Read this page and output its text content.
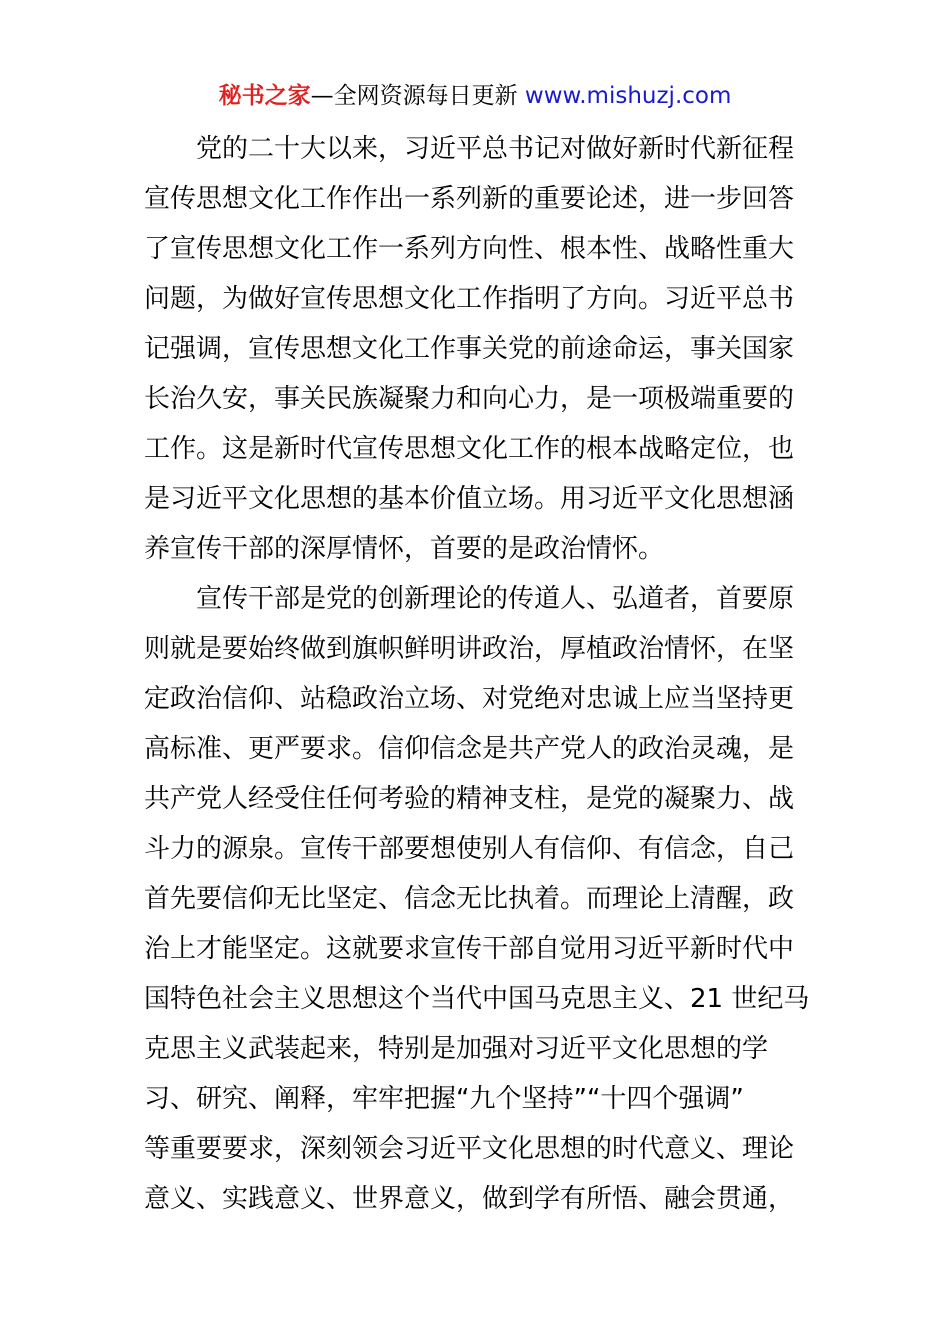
秘书之家—全网资源每日更新 www.mishuzj.com
党的二十大以来，习近平总书记对做好新时代新征程
宣传思想文化工作作出一系列新的重要论述，进一步回答
了宣传思想文化工作一系列方向性、根本性、战略性重大
问题，为做好宣传思想文化工作指明了方向。习近平总书
记强调，宣传思想文化工作事关党的前途命运，事关国家
长治久安，事关民族凝聚力和向心力，是一项极端重要的
工作。这是新时代宣传思想文化工作的根本战略定位，也
是习近平文化思想的基本价值立场。用习近平文化思想涵
养宣传干部的深厚情怀，首要的是政治情怀。
宣传干部是党的创新理论的传道人、弘道者，首要原
则就是要始终做到旗帜鲜明讲政治，厚植政治情怀，在坚
定政治信仰、站稳政治立场、对党绝对忠诚上应当坚持更
高标准、更严要求。信仰信念是共产党人的政治灵魂，是
共产党人经受住任何考验的精神支柱，是党的凝聚力、战
斗力的源泉。宣传干部要想使别人有信仰、有信念，自己
首先要信仰无比坚定、信念无比执着。而理论上清醒，政
治上才能坚定。这就要求宣传干部自觉用习近平新时代中
国特色社会主义思想这个当代中国马克思主义、21 世纪马
克思主义武装起来，特别是加强对习近平文化思想的学
习、研究、阐释，牢牢把握“九个坚持”“十四个强调”
等重要要求，深刻领会习近平文化思想的时代意义、理论
意义、实践意义、世界意义，做到学有所悟、融会贯通，
